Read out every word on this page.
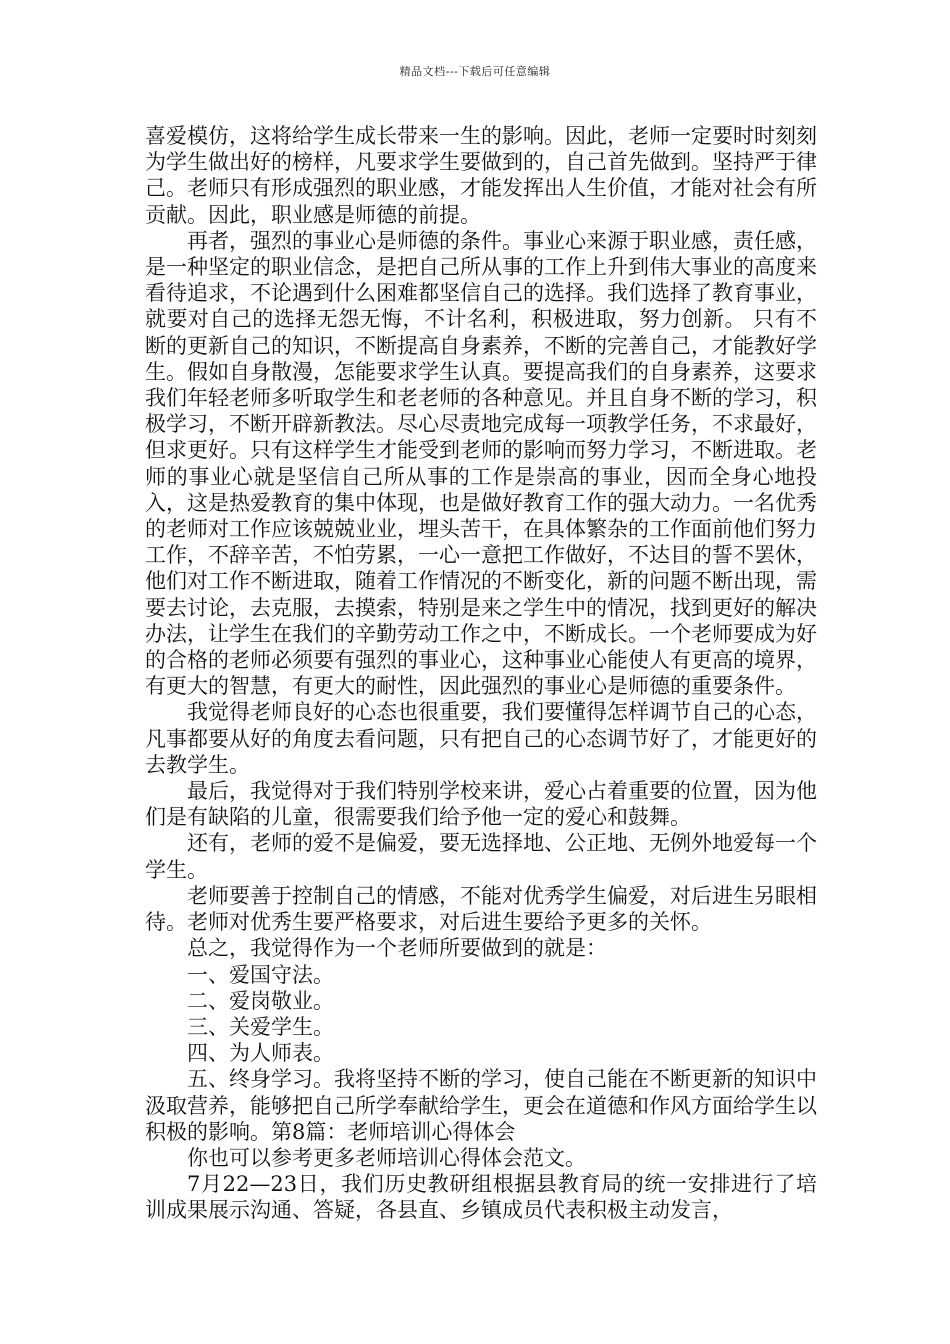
精品文档---下载后可任意编辑

喜爱模仿，这将给学生成长带来一生的影响。因此，老师一定要时时刻刻为学生做出好的榜样，凡要求学生要做到的，自己首先做到。坚持严于律己。老师只有形成强烈的职业感，才能发挥出人生价值，才能对社会有所贡献。因此，职业感是师德的前提。

再者，强烈的事业心是师德的条件。事业心来源于职业感，责任感，是一种坚定的职业信念，是把自己所从事的工作上升到伟大事业的高度来看待追求，不论遇到什么困难都坚信自己的选择。我们选择了教育事业，就要对自己的选择无怨无悔，不计名利，积极进取，努力创新。 只有不断的更新自己的知识，不断提高自身素养，不断的完善自己，才能教好学生。假如自身散漫，怎能要求学生认真。要提高我们的自身素养，这要求我们年轻老师多听取学生和老老师的各种意见。并且自身不断的学习，积极学习，不断开辟新教法。尽心尽责地完成每一项教学任务，不求最好，但求更好。只有这样学生才能受到老师的影响而努力学习，不断进取。老师的事业心就是坚信自己所从事的工作是崇高的事业，因而全身心地投入，这是热爱教育的集中体现，也是做好教育工作的强大动力。一名优秀的老师对工作应该兢兢业业，埋头苦干，在具体繁杂的工作面前他们努力工作，不辞辛苦，不怕劳累，一心一意把工作做好，不达目的誓不罢休，他们对工作不断进取，随着工作情况的不断变化，新的问题不断出现，需要去讨论，去克服，去摸索，特别是来之学生中的情况，找到更好的解决办法，让学生在我们的辛勤劳动工作之中，不断成长。一个老师要成为好的合格的老师必须要有强烈的事业心，这种事业心能使人有更高的境界，有更大的智慧，有更大的耐性，因此强烈的事业心是师德的重要条件。

我觉得老师良好的心态也很重要，我们要懂得怎样调节自己的心态，凡事都要从好的角度去看问题，只有把自己的心态调节好了，才能更好的去教学生。

最后，我觉得对于我们特别学校来讲，爱心占着重要的位置，因为他们是有缺陷的儿童，很需要我们给予他一定的爱心和鼓舞。

还有，老师的爱不是偏爱，要无选择地、公正地、无例外地爱每一个学生。

老师要善于控制自己的情感，不能对优秀学生偏爱，对后进生另眼相待。老师对优秀生要严格要求，对后进生要给予更多的关怀。

总之，我觉得作为一个老师所要做到的就是：

一、爱国守法。

二、爱岗敬业。

三、关爱学生。

四、为人师表。

五、终身学习。我将坚持不断的学习，使自己能在不断更新的知识中汲取营养，能够把自己所学奉献给学生，更会在道德和作风方面给学生以积极的影响。第8篇：老师培训心得体会

你也可以参考更多老师培训心得体会范文。

7月22—23日，我们历史教研组根据县教育局的统一安排进行了培训成果展示沟通、答疑，各县直、乡镇成员代表积极主动发言，
